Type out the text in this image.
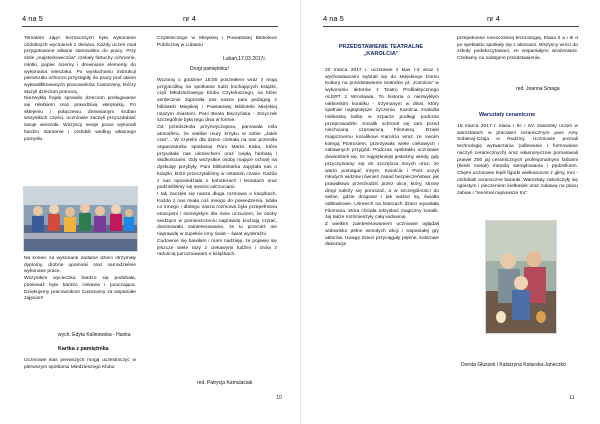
4 na 5	nr 4
Tematem zajęć technicznych była wykonanie ożdobnych wycinanek z drewna. Każdy uczeń miał przygotowane własne stanowisko do pracy. Przy stole „majsterkowiczów" czekały fartuchy ochronne, młotki, papier ścierny i drewniane elementy do wykonania wieszaka. Po wysłuchaniu instrukcji pierwszaki ochoczo przystąpiły do pracy pod okiem wykwalifikowanych pracowników Castoramy, którzy służyli dzieciom pomocą.
Niezwykłą frajdę sprawiło dzieciom posługiwanie się młotkiem oraz prawdziwą wkrętarką. Po sklejeniu i połączeniu drewnianym śruban wszystkich części, uczniowie zaczęli przyozdabiać swoje wieszaki. Wszyscy swoje prace wykonali bardzo starannie i ozdobili według własnego pomysłu.
Na koniec za wykonane zadanie dzieci otrzymały dyplomy, drobne upominki oraz samodzielnie wykonane prace.
Wszystkim wycieczka bardzo się podobała, ponieważ była bardzo ciekawa i pouczająca. Dziękujemy pracownikom Castoramy za wspaniałe zajęcia!!!
wych. Edyta Kalinowska - Hanka
Kartka z pamiętnika
Uczniowie klas pierwszych mogą uczestniczyć w pierwszym spotkaniu Miedzieszego Klubu
Czytelniczego w Miejskiej i Powiatowej Bibliotece Publicznej w Lubaniu
Lubań,17.03.2017r.
Drogi pamiętniku!
Wczoraj o godzinie 16:00 poszedłem wraz z moją przyjaciółką na spotkanie ludzi kochających książki, czyli Młodzieżowego Klubu Czytelniczego, na które serdecznie zaprosiła nas nasza pani pedagog z biblioteki Miejskiej i Powiatowej Biblioteki Miejskiej naszym miastem. Pani Beata Baczyńska - Smyczek szczególnie była tego dnia w formie.
Od przedszkola przyzwyczajona, panowała mila atmosfera, że wielkie mury krzyku w sobie „Jakiś czar"... W czytelni dla dzieci czekała na nas przemiła organizatorka spotkania Pani Marta Kaba, która przywitała nas uśmiechem oraz ciepłą herbatą i słodkościami. Gdy wszystkie osoby mające ochotę na dyskusję przybyły, Pani bibliotekarka zapytała nas o książki, które przeczytaliśmy w ostatnim czasie. Każda z nas opowiedziała o bohaterach i tematach oraz podzieliliśmy się swoimi odczuciami.
I tak zaczęła się nasza długa rozmowa o książkach. Każda z nas miała coś innego do powiedzenia, lubiła co innego i dlatego nasza rozmowa była przepełniona emocjami i niezwykłym dla mnie uczuciem, że osoby siedzące w pomieszczeniu naprawdę kochają czytać, dominowało zainteresowanie, że to przecież nie naprawdę w zupełnie inny świat – świat wyobraźni.
Cudownie się bawiłam i mam nadzieję, że pojawię się jeszcze wiele razy z ciekawymi ludźmi i znów z radością porozmawiam o książkach.
red. Patrycja Kamulaciak
10
4 na 5	nr 4
PRZEDSTAWIENIE TEATRALNE
„KAROLCIA"
20 marca 2017 r. uczniowie z klas I-3 wraz z wychowawcami wybrali się do Miejskiego Domu Kultury na przedstawienie teatralne pt. „Karolcia" w wykonaniu aktorów z Teatru Profilaktycznego ALERT z Wrocławia. To historia o niezwykłym niebieskim koraliku - trzymanym w dłoni, który spełniał najtajniejsze życzenia. Karolcia znalazła niebieską kulkę w szparze podłogi podczas przeprowadzki. Koralik schronił się tam przed niechcianą czarownicą Filomeną. Dzięki magicznemu koralikowi Karolcia wraz ze swoim kolegą Piotrusiem, przeżywała wiele ciekawych i zabawnych przygód. Podczas spektaklu uczniowie dowiedzieli się, że najpiękniejsi jesteśmy wtedy, gdy przyczyniamy się do szczęścia innych oraz, że warto pomagać innym. Karolcia i Piotr uczyli młodych widzów również zasad bezpieczeństwa: jak prawidłowo przechodzić przez ulicę, który, stronę drogi należy się poruszać, a w szczególności do siebie, gdzie drogowe i jak ważne są, światła odblaskowe. Uśmiech na twarzach dzieci wywołała Filomena, która chciała odzyskać magiczny koralik. Jej także rozśmieszyły całą widownię.
Z wielkim zainteresowaniem uczniowie oglądali widowisko pełne wesołych akcji i wspaniałej gry aktorów. Uwagę dzieci przyciągały piękne, kolorowe dekoracje
przepełnione nowoczesną technologią. Klasa II a i III d po spektaklu spotkały się z aktorami. Wszyscy wróci do szkoły podekscytowani, ze wspaniałymi wrażeniami. Czekamy na następne przedstawienia.
red. Joanna Smaga
Warsztaty ceramiczne
15 marca 2017 r. klasa I IIc i IVc zwiedziły uczeń w warsztatach w pracowni ceramicznym pani Amy Sobieraj-Czaja w Rudzicy. Uczniowie poznali technologię wytwarzania (odlewanie i formowanie naczyń ceramicznych) oraz własnoręcznie pomalowali prawie 200 jaj ceramicznych profesjonalnymi farbami (tlenki metali) metodą stemplowania i pędzelkiem. Chętni uczniowie lepili figurki wielkanocne z gliny, inni - ozdobiali ceramiczne baranki. Warsztaty zakończyły się ognistym i pieczeniem kiełbasek oraz zabawą na placu zabaw i "nieomal najnowsze tru".
Dorota Głuszek i Katarzyna Kotarska-Janeczko
11
